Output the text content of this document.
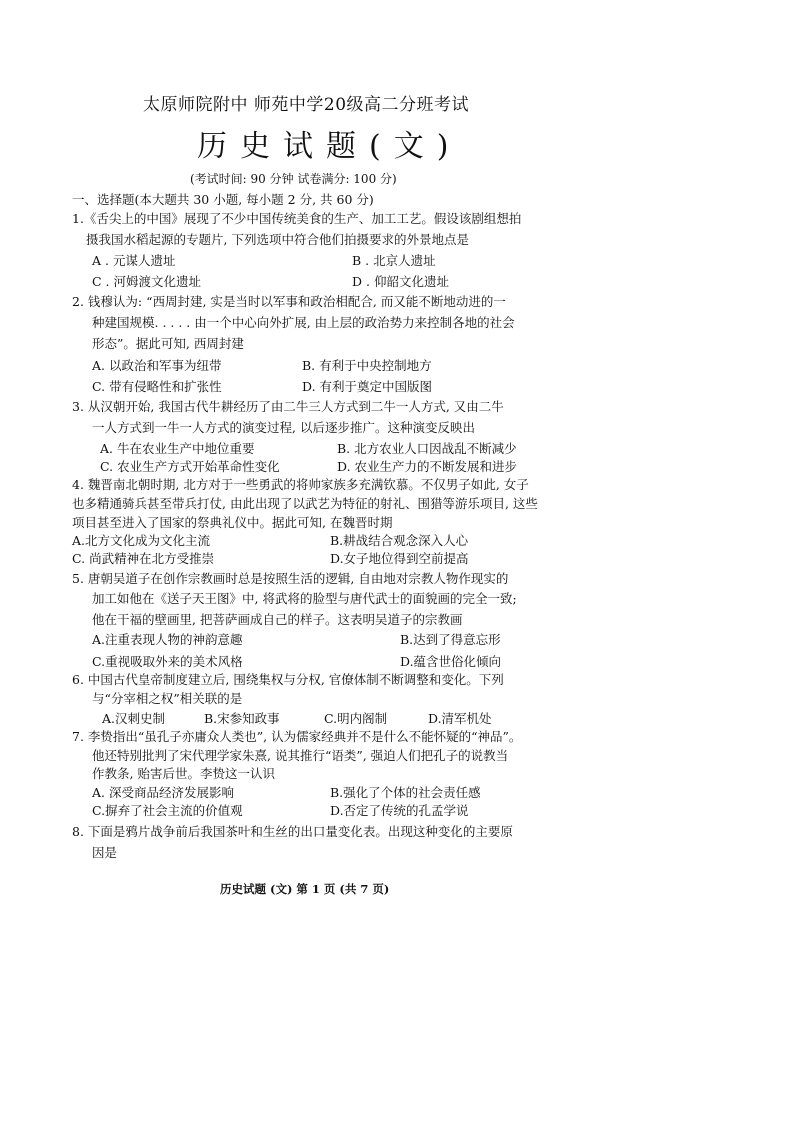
太原师院附中 师苑中学20级高二分班考试
历史试题(文)
(考试时间: 90 分钟 试卷满分: 100 分)
一、选择题(本大题共 30 小题, 每小题 2 分, 共 60 分)
1.《舌尖上的中国》展现了不少中国传统美食的生产、加工工艺。假设该剧组想拍
摄我国水稻起源的专题片, 下列选项中符合他们拍摄要求的外景地点是
A . 元谋人遗址	B . 北京人遗址
C . 河姆渡文化遗址	D . 仰韶文化遗址
2. 钱穆认为: “西周封建, 实是当时以军事和政治相配合, 而又能不断地动进的一
种建国规模. . . . . 由一个中心向外扩展, 由上层的政治势力来控制各地的社会
形态”。据此可知, 西周封建
A. 以政治和军事为纽带	B. 有利于中央控制地方
C. 带有侵略性和扩张性	D. 有利于奠定中国版图
3. 从汉朝开始, 我国古代牛耕经历了由二牛三人方式到二牛一人方式, 又由二牛
一人方式到一牛一人方式的演变过程, 以后逐步推广。这种演变反映出
A. 牛在农业生产中地位重要	B. 北方农业人口因战乱不断减少
C. 农业生产方式开始革命性变化	D. 农业生产力的不断发展和进步
4. 魏晋南北朝时期, 北方对于一些勇武的将帅家族多充满钦慕。不仅男子如此, 女子
也多精通骑兵甚至带兵打仗, 由此出现了以武艺为特征的射礼、围猎等游乐项目, 这些
项目甚至进入了国家的祭典礼仪中。据此可知, 在魏晋时期
A.北方文化成为文化主流	B.耕战结合观念深入人心
C. 尚武精神在北方受推崇	D.女子地位得到空前提高
5. 唐朝吴道子在创作宗教画时总是按照生活的逻辑, 自由地对宗教人物作现实的
加工如他在《送子天王图》中, 将武将的脸型与唐代武士的面貌画的完全一致;
他在干福的壁画里, 把菩萨画成自己的样子。这表明吴道子的宗教画
A.注重表现人物的神韵意趣	B.达到了得意忘形
C.重视吸取外来的美术风格	D.蕴含世俗化倾向
6. 中国古代皇帝制度建立后, 围绕集权与分权, 官僚体制不断调整和变化。下列
与“分宰相之权”相关联的是
A.汉刺史制	B.宋参知政事	C.明内阁制	D.清军机处
7. 李贽指出“虽孔子亦庸众人类也”, 认为儒家经典并不是什么不能怀疑的“神品”。
他还特别批判了宋代理学家朱熹, 说其推行“语类”, 强迫人们把孔子的说教当
作教条, 贻害后世。李贽这一认识
A. 深受商品经济发展影响	B.强化了个体的社会责任感
C.摒弃了社会主流的价值观	D.否定了传统的孔孟学说
8. 下面是鸦片战争前后我国茶叶和生丝的出口量变化表。出现这种变化的主要原
因是
历史试题 (文) 第 1 页 (共 7 页)
